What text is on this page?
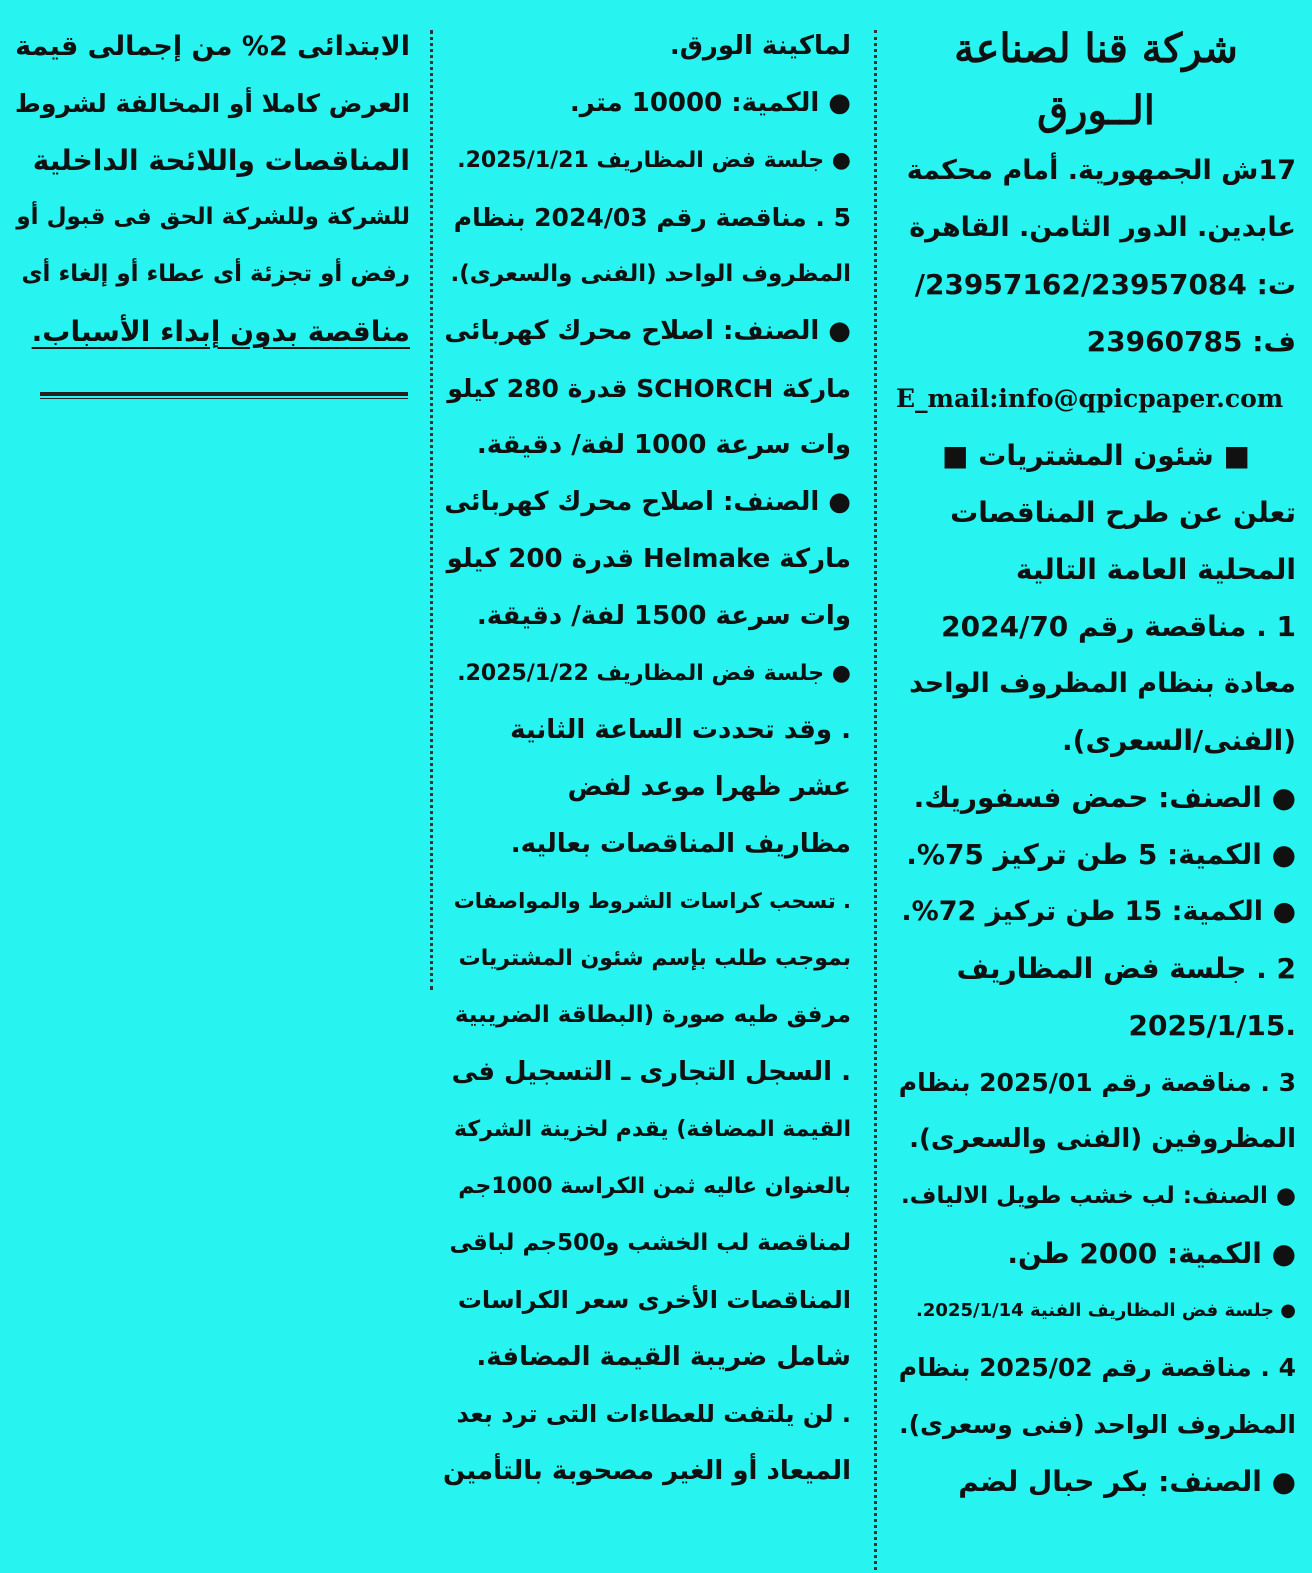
شركة قنا لصناعة
الــورق
17ش الجمهورية. أمام محكمة
عابدين. الدور الثامن. القاهرة
ت: 23957162/23957084/
ف: 23960785
E_mail:info@qpicpaper.com
■ شئون المشتريات ■
تعلن عن طرح المناقصات
المحلية العامة التالية
1 . مناقصة رقم 2024/70
معادة بنظام المظروف الواحد
(الفنى/السعرى).
● الصنف: حمض فسفوريك.
● الكمية: 5 طن تركيز 75%.
● الكمية: 15 طن تركيز 72%.
2 . جلسة فض المظاريف
.2025/1/15
3 . مناقصة رقم 2025/01 بنظام
المظروفين (الفنى والسعرى).
● الصنف: لب خشب طويل الالياف.
● الكمية: 2000 طن.
● جلسة فض المظاريف الفنية 2025/1/14.
4 . مناقصة رقم 2025/02 بنظام
المظروف الواحد (فنى وسعرى).
● الصنف: بكر حبال لضم
لماكينة الورق.
● الكمية: 10000 متر.
● جلسة فض المظاريف 2025/1/21.
5 . مناقصة رقم 2024/03 بنظام
المظروف الواحد (الفنى والسعرى).
● الصنف: اصلاح محرك كهربائى
ماركة SCHORCH قدرة 280 كيلو
وات سرعة 1000 لفة/ دقيقة.
● الصنف: اصلاح محرك كهربائى
ماركة Helmake قدرة 200 كيلو
وات سرعة 1500 لفة/ دقيقة.
● جلسة فض المظاريف 2025/1/22.
. وقد تحددت الساعة الثانية
عشر ظهرا موعد لفض
مظاريف المناقصات بعاليه.
. تسحب كراسات الشروط والمواصفات
بموجب طلب بإسم شئون المشتريات
مرفق طيه صورة (البطاقة الضريبية
. السجل التجارى ـ التسجيل فى
القيمة المضافة) يقدم لخزينة الشركة
بالعنوان عاليه ثمن الكراسة 1000جم
لمناقصة لب الخشب و500جم لباقى
المناقصات الأخرى سعر الكراسات
شامل ضريبة القيمة المضافة.
. لن يلتفت للعطاءات التى ترد بعد
الميعاد أو الغير مصحوبة بالتأمين
الابتدائى 2% من إجمالى قيمة
العرض كاملا أو المخالفة لشروط
المناقصات واللائحة الداخلية
للشركة وللشركة الحق فى قبول أو
رفض أو تجزئة أى عطاء أو إلغاء أى
مناقصة بدون إبداء الأسباب.
